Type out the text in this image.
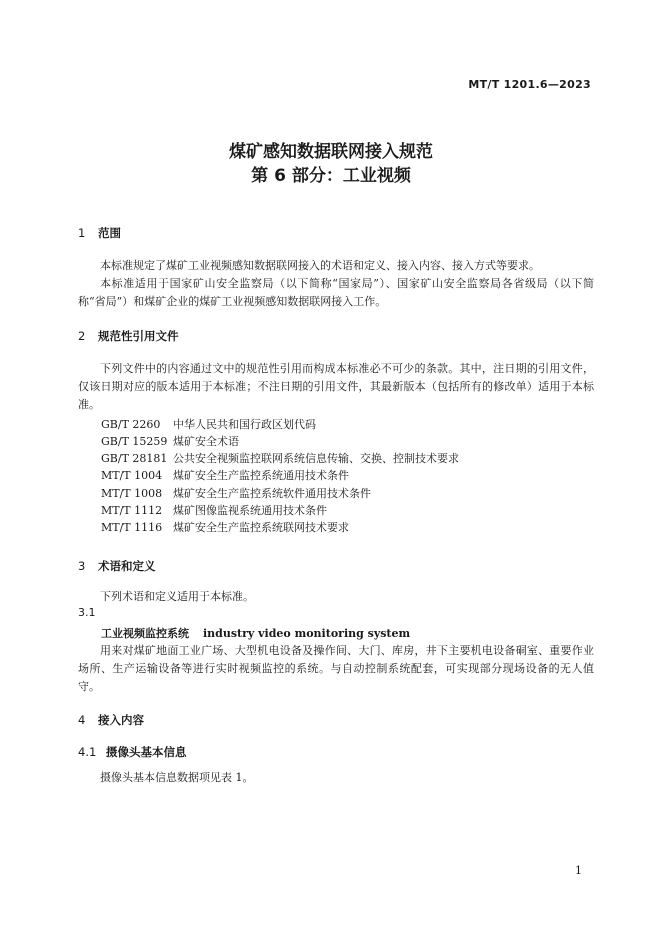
MT/T 1201.6—2023
煤矿感知数据联网接入规范
第 6 部分：工业视频
1 范围
本标准规定了煤矿工业视频感知数据联网接入的术语和定义、接入内容、接入方式等要求。
本标准适用于国家矿山安全监察局（以下简称“国家局”）、国家矿山安全监察局各省级局（以下简称“省局”）和煤矿企业的煤矿工业视频感知数据联网接入工作。
2 规范性引用文件
下列文件中的内容通过文中的规范性引用而构成本标准必不可少的条款。其中，注日期的引用文件，仅该日期对应的版本适用于本标准；不注日期的引用文件，其最新版本（包括所有的修改单）适用于本标准。
GB/T 2260 中华人民共和国行政区划代码
GB/T 15259 煤矿安全术语
GB/T 28181 公共安全视频监控联网系统信息传输、交换、控制技术要求
MT/T 1004 煤矿安全生产监控系统通用技术条件
MT/T 1008 煤矿安全生产监控系统软件通用技术条件
MT/T 1112 煤矿图像监视系统通用技术条件
MT/T 1116 煤矿安全生产监控系统联网技术要求
3 术语和定义
下列术语和定义适用于本标准。
3.1
工业视频监控系统 industry video monitoring system
用来对煤矿地面工业广场、大型机电设备及操作间、大门、库房，井下主要机电设备硐室、重要作业场所、生产运输设备等进行实时视频监控的系统。与自动控制系统配套，可实现部分现场设备的无人值守。
4 接入内容
4.1 摄像头基本信息
摄像头基本信息数据项见表 1。
1
